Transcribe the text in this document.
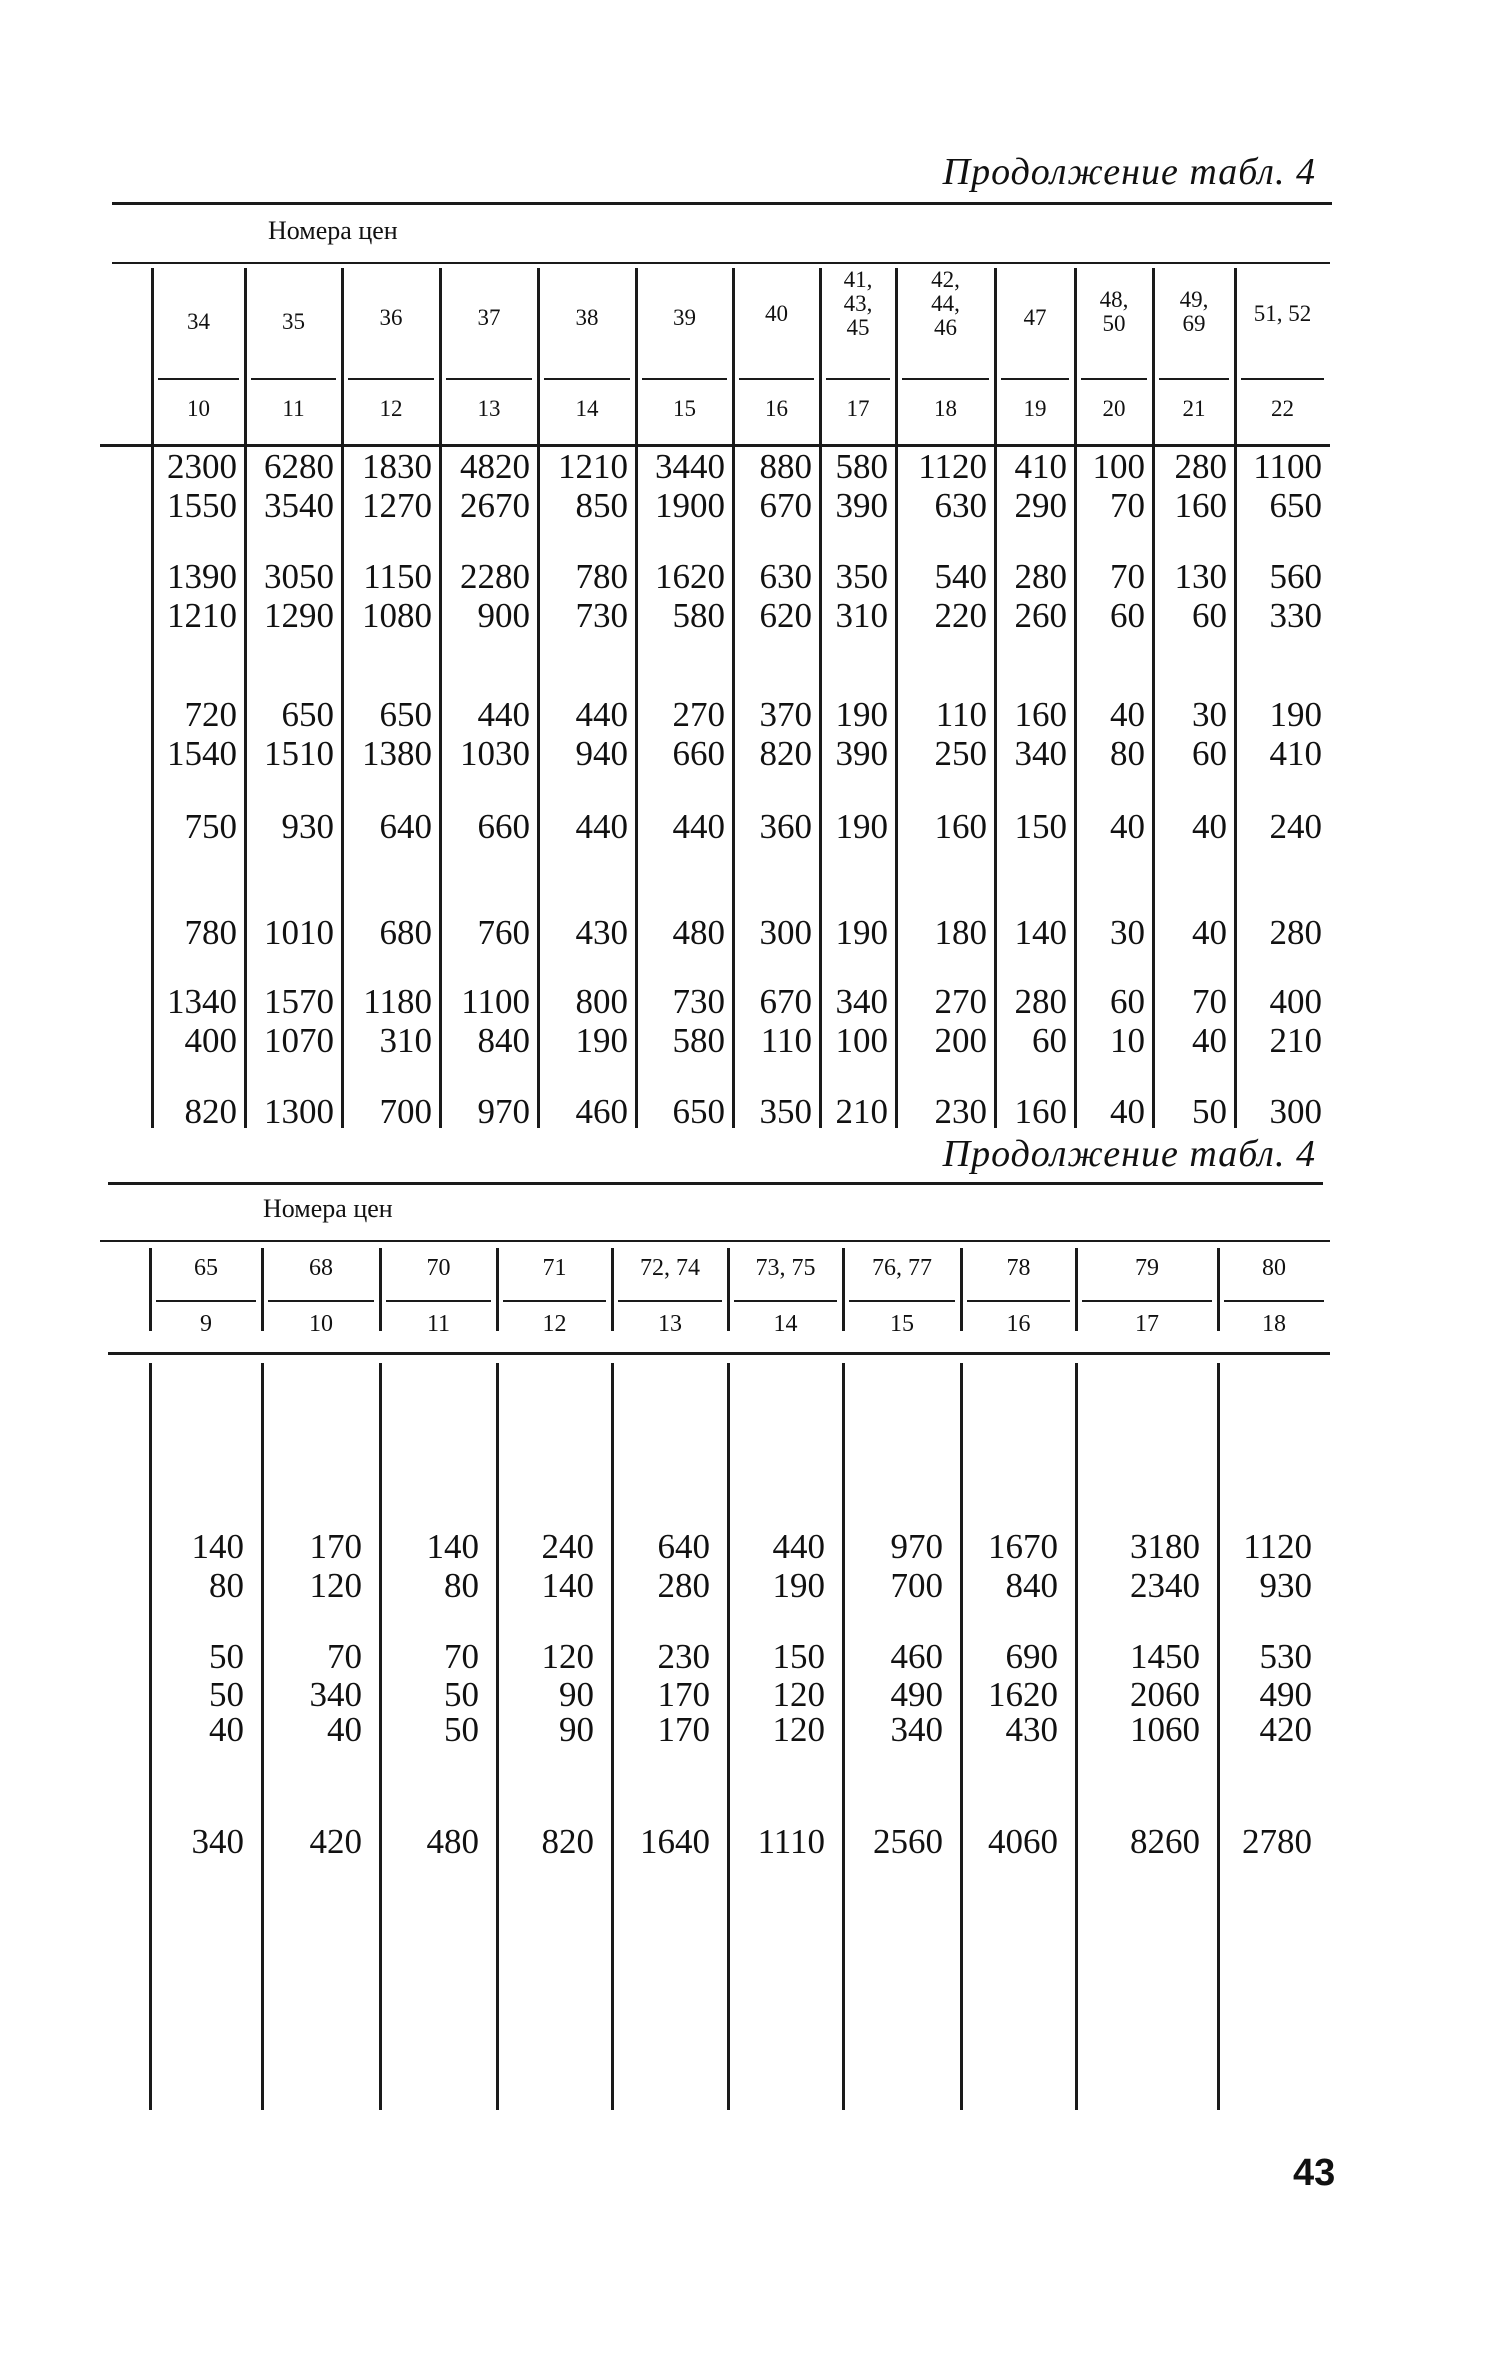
Продолжение табл. 4
Номера цен
34
10
35
11
36
12
37
13
38
14
39
15
40
16
41,
43,
45
17
42,
44,
46
18
47
19
48,
50
20
49,
69
21
51, 52
22
2300 6280 1830 4820 1210 3440 880 580 1120 410 100 280 1100
1550 3540 1270 2670	850 1900 670 390	630 290	70 160	650
1390 3050 1150 2280	780 1620 630 350	540 280	70 130	560
1210 1290 1080	900	730	580 620 310	220 260	60	60	330
720	650	650	440	440	270 370 190	110 160	40	30	190
1540 1510 1380 1030	940	660 820 390	250 340	80	60	410
750	930	640	660	440	440 360 190	160 150	40	40	240
780 1010	680	760	430	480 300 190	180 140	30	40	280
1340 1570 1180 1100	800	730 670 340	270 280	60	70	400
400 1070	310	840	190	580	110 100	200	60	10	40	210
820 1300	700	970	460	650 350 210	230 160	40	50	300
Продолжение табл. 4
Номера цен
65
9
68
10
70
11
71
12
72, 74
13
73, 75
14
76, 77
15
78
16
79
17
80
18
140	170	140	240	640	440	970	1670	3180	1120
80	120	80	140	280	190	700	840	2340	930
50	70	70	120	230	150	460	690	1450	530
50	340	50	90	170	120	490	1620	2060	490
40	40	50	90	170	120	340	430	1060	420
340	420	480	820	1640	1110	2560	4060	8260	2780
43
